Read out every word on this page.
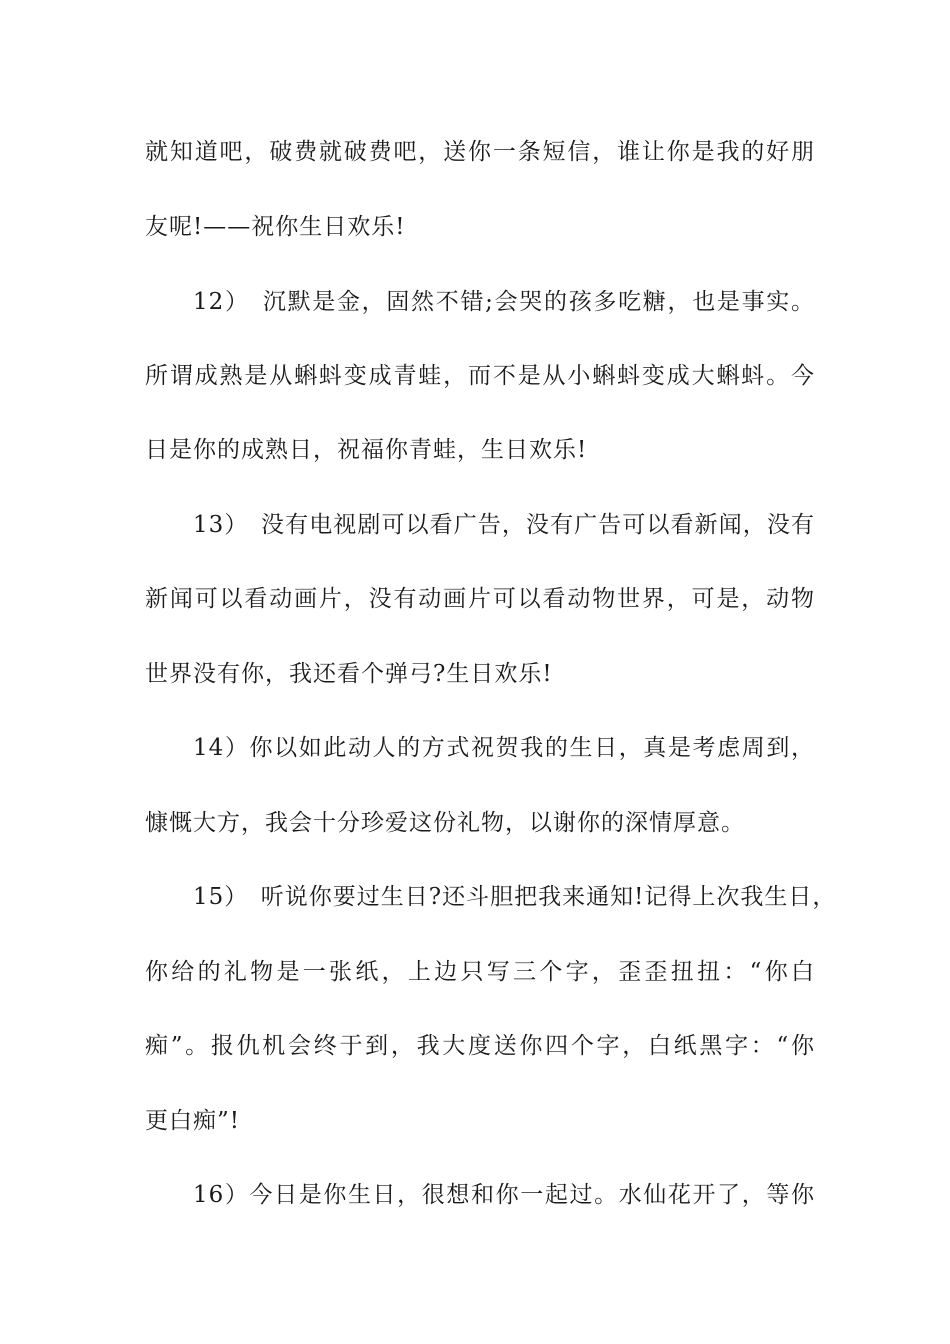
就知道吧，破费就破费吧，送你一条短信，谁让你是我的好朋
友呢!——祝你生日欢乐!
12）　沉默是金，固然不错;会哭的孩多吃糖，也是事实。
所谓成熟是从蝌蚪变成青蛙，而不是从小蝌蚪变成大蝌蚪。今
日是你的成熟日，祝福你青蛙，生日欢乐!
13）　没有电视剧可以看广告，没有广告可以看新闻，没有
新闻可以看动画片，没有动画片可以看动物世界，可是，动物
世界没有你，我还看个弹弓?生日欢乐!
14）你以如此动人的方式祝贺我的生日，真是考虑周到，
慷慨大方，我会十分珍爱这份礼物，以谢你的深情厚意。
15）　听说你要过生日?还斗胆把我来通知!记得上次我生日，
你给的礼物是一张纸，上边只写三个字，歪歪扭扭：“你白
痴”。报仇机会终于到，我大度送你四个字，白纸黑字：“你
更白痴”!
16）今日是你生日，很想和你一起过。水仙花开了，等你
